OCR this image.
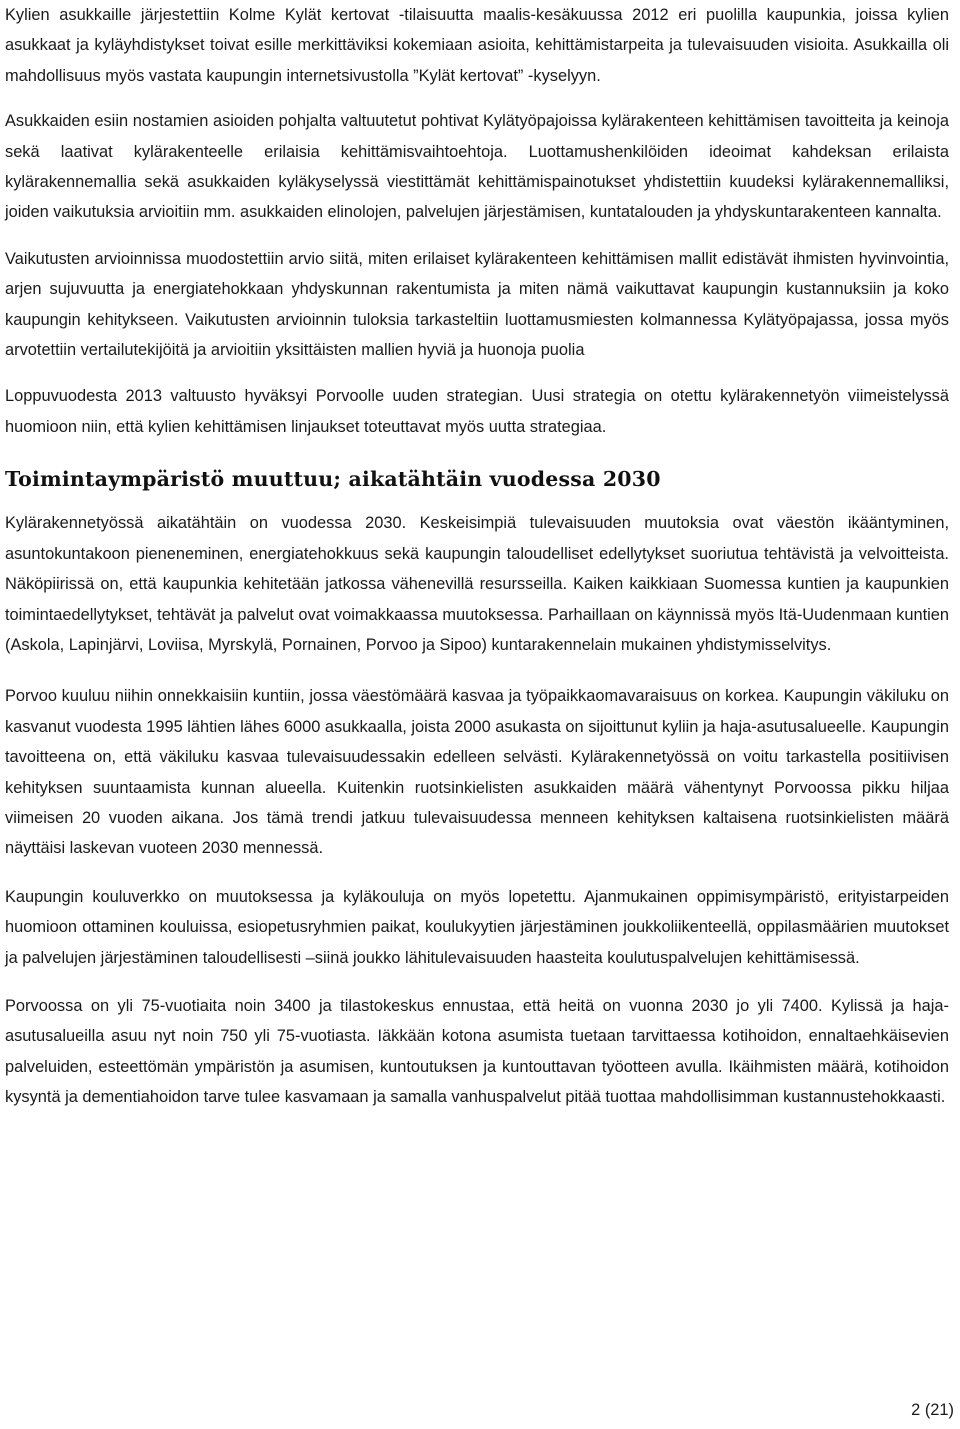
Kylien asukkaille järjestettiin Kolme Kylät kertovat -tilaisuutta maalis-kesäkuussa 2012 eri puolilla kaupunkia, joissa kylien asukkaat ja kyläyhdistykset toivat esille merkittäviksi kokemiaan asioita, kehittämistarpeita ja tulevaisuuden visioita. Asukkailla oli mahdollisuus myös vastata kaupungin internetsivustolla ”Kylät kertovat” -kyselyyn.

Asukkaiden esiin nostamien asioiden pohjalta valtuutetut pohtivat Kylätyöpajoissa kylärakenteen kehittämisen tavoitteita ja keinoja sekä laativat kylärakenteelle erilaisia kehittämisvaihtoehtoja. Luottamushenkilöiden ideoimat kahdeksan erilaista kylärakennemallia sekä asukkaiden kyläkyselyssä viestittämät kehittämispainotukset yhdistettiin kuudeksi kylärakennemalliksi, joiden vaikutuksia arvioitiin mm. asukkaiden elinolojen, palvelujen järjestämisen, kuntatalouden ja yhdyskuntarakenteen kannalta.

Vaikutusten arvioinnissa muodostettiin arvio siitä, miten erilaiset kylärakenteen kehittämisen mallit edistävät ihmisten hyvinvointia, arjen sujuvuutta ja energiatehokkaan yhdyskunnan rakentumista ja miten nämä vaikuttavat kaupungin kustannuksiin ja koko kaupungin kehitykseen. Vaikutusten arvioinnin tuloksia tarkasteltiin luottamusmiesten kolmannessa Kylätyöpajassa, jossa myös arvotettiin vertailutekijöitä ja arvioitiin yksittäisten mallien hyviä ja huonoja puolia

Loppuvuodesta 2013 valtuusto hyväksyi Porvoolle uuden strategian. Uusi strategia on otettu kylärakennetyön viimeistelyssä huomioon niin, että kylien kehittämisen linjaukset toteuttavat myös uutta strategiaa.

Toimintaympäristö muuttuu; aikatähtäin vuodessa 2030

Kylärakennetyössä aikatähtäin on vuodessa 2030. Keskeisimpiä tulevaisuuden muutoksia ovat väestön ikääntyminen, asuntokuntakoon pieneneminen, energiatehokkuus sekä kaupungin taloudelliset edellytykset suoriutua tehtävistä ja velvoitteista. Näköpiirissä on, että kaupunkia kehitetään jatkossa vähenevillä resursseilla. Kaiken kaikkiaan Suomessa kuntien ja kaupunkien toimintaedellytykset, tehtävät ja palvelut ovat voimakkaassa muutoksessa. Parhaillaan on käynnissä myös Itä-Uudenmaan kuntien (Askola, Lapinjärvi, Loviisa, Myrskylä, Pornainen, Porvoo ja Sipoo) kuntarakennelain mukainen yhdistymisselvitys.

Porvoo kuuluu niihin onnekkaisiin kuntiin, jossa väestömäärä kasvaa ja työpaikkaomavaraisuus on korkea. Kaupungin väkiluku on kasvanut vuodesta 1995 lähtien lähes 6000 asukkaalla, joista 2000 asukasta on sijoittunut kyliin ja haja-asutusalueelle. Kaupungin tavoitteena on, että väkiluku kasvaa tulevaisuudessakin edelleen selvästi. Kylärakennetyössä on voitu tarkastella positiivisen kehityksen suuntaamista kunnan alueella. Kuitenkin ruotsinkielisten asukkaiden määrä vähentynyt Porvoossa pikku hiljaa viimeisen 20 vuoden aikana. Jos tämä trendi jatkuu tulevaisuudessa menneen kehityksen kaltaisena ruotsinkielisten määrä näyttäisi laskevan vuoteen 2030 mennessä.

Kaupungin kouluverkko on muutoksessa ja kyläkouluja on myös lopetettu. Ajanmukainen oppimisympäristö, erityistarpeiden huomioon ottaminen kouluissa, esiopetusryhmien paikat, koulukyytien järjestäminen joukkoliikenteellä, oppilasmäärien muutokset ja palvelujen järjestäminen taloudellisesti –siinä joukko lähitulevaisuuden haasteita koulutuspalvelujen kehittämisessä.

Porvoossa on yli 75-vuotiaita noin 3400 ja tilastokeskus ennustaa, että heitä on vuonna 2030 jo yli 7400. Kylissä ja haja-asutusalueilla asuu nyt noin 750 yli 75-vuotiasta. Iäkkään kotona asumista tuetaan tarvittaessa kotihoidon, ennaltaehkäisevien palveluiden, esteettömän ympäristön ja asumisen, kuntoutuksen ja kuntouttavan työotteen avulla. Ikäihmisten määrä, kotihoidon kysyntä ja dementiahoidon tarve tulee kasvamaan ja samalla vanhuspalvelut pitää tuottaa mahdollisimman kustannustehokkaasti.

2 (21)
